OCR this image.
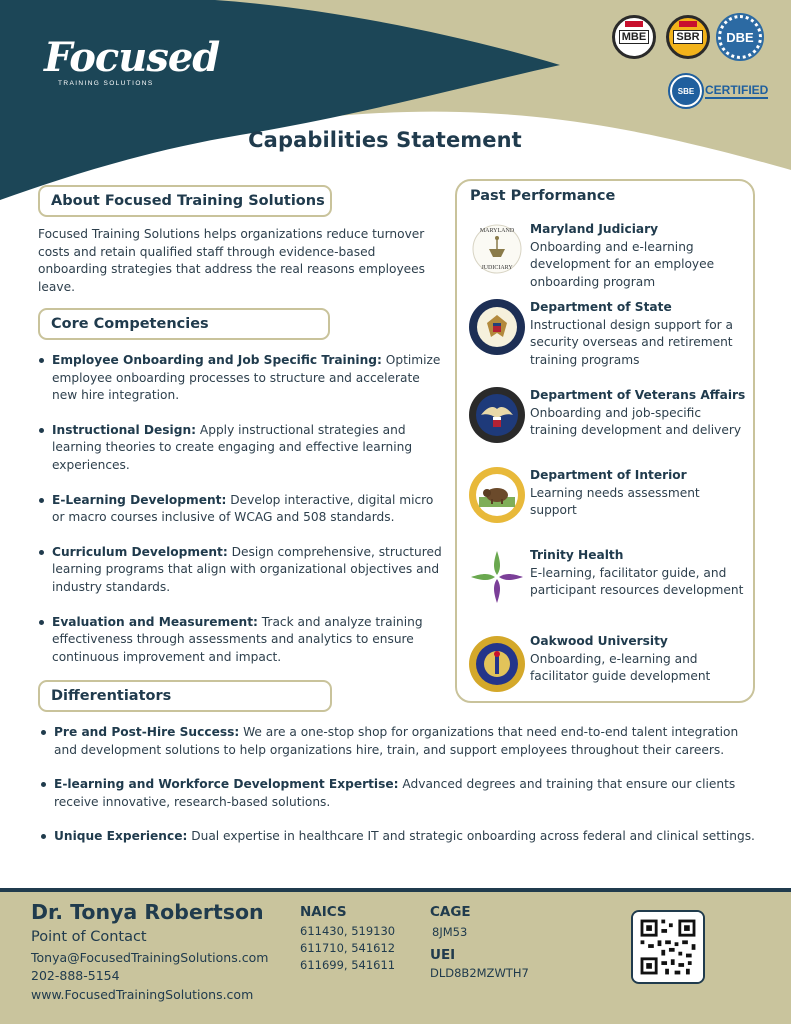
Focused
TRAINING SOLUTIONS
MBE	SBR DBE
SBE CERTIFIED
Capabilities Statement
About Focused Training Solutions
Focused Training Solutions helps organizations reduce turnover costs and retain qualified staff through evidence-based onboarding strategies that address the real reasons employees leave.
Core Competencies
Employee Onboarding and Job Specific Training: Optimize employee onboarding processes to structure and accelerate new hire integration.
Instructional Design: Apply instructional strategies and learning theories to create engaging and effective learning experiences.
E-Learning Development: Develop interactive, digital micro or macro courses inclusive of WCAG and 508 standards.
Curriculum Development: Design comprehensive, structured learning programs that align with organizational objectives and industry standards.
Evaluation and Measurement: Track and analyze training effectiveness through assessments and analytics to ensure continuous improvement and impact.
Differentiators
Pre and Post-Hire Success: We are a one-stop shop for organizations that need end-to-end talent integration and development solutions to help organizations hire, train, and support employees throughout their careers.
E-learning and Workforce Development Expertise: Advanced degrees and training that ensure our clients receive innovative, research-based solutions.
Unique Experience: Dual expertise in healthcare IT and strategic onboarding across federal and clinical settings.
Past Performance
MARYLAND
JUDICIARY
Maryland Judiciary
Onboarding and e-learning development for an employee onboarding program
Department of State
Instructional design support for a security overseas and retirement training programs
Department of Veterans Affairs
Onboarding and job-specific training development and delivery
Department of Interior
Learning needs assessment support
Trinity Health
E-learning, facilitator guide, and participant resources development
Oakwood University
Onboarding, e-learning and facilitator guide development
Dr. Tonya Robertson
Point of Contact
Tonya@FocusedTrainingSolutions.com
202-888-5154
www.FocusedTrainingSolutions.com
NAICS
611430, 519130
611710, 541612
611699, 541611
CAGE
8JM53
UEI
DLD8B2MZWTH7
